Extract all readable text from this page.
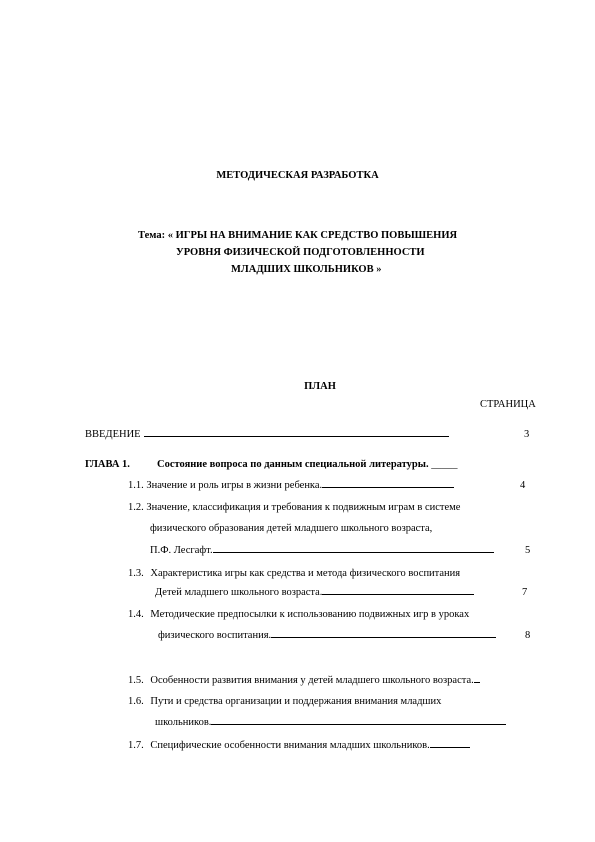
МЕТОДИЧЕСКАЯ РАЗРАБОТКА
Тема: « ИГРЫ НА ВНИМАНИЕ КАК СРЕДСТВО ПОВЫШЕНИЯ
УРОВНЯ ФИЗИЧЕСКОЙ ПОДГОТОВЛЕННОСТИ
МЛАДШИХ ШКОЛЬНИКОВ »
ПЛАН
СТРАНИЦА
ВВЕДЕНИЕ	3
ГЛАВА 1.	Состояние вопроса по данным специальной литературы. _____
1.1. Значение и роль игры в жизни ребенка.	4
1.2. Значение, классификация и требования к подвижным играм в системе
физического образования детей младшего школьного возраста,
П.Ф. Лесгафт.	5
1.3. Характеристика игры как средства и метода физического воспитания
Детей младшего школьного возраста.	7
1.4. Методические предпосылки к использованию подвижных игр в уроках
физического воспитания.	8
1.5. Особенности развития внимания у детей младшего школьного возраста.
1.6. Пути и средства организации и поддержания внимания младших
школьников.
1.7. Специфические особенности внимания младших школьников.
